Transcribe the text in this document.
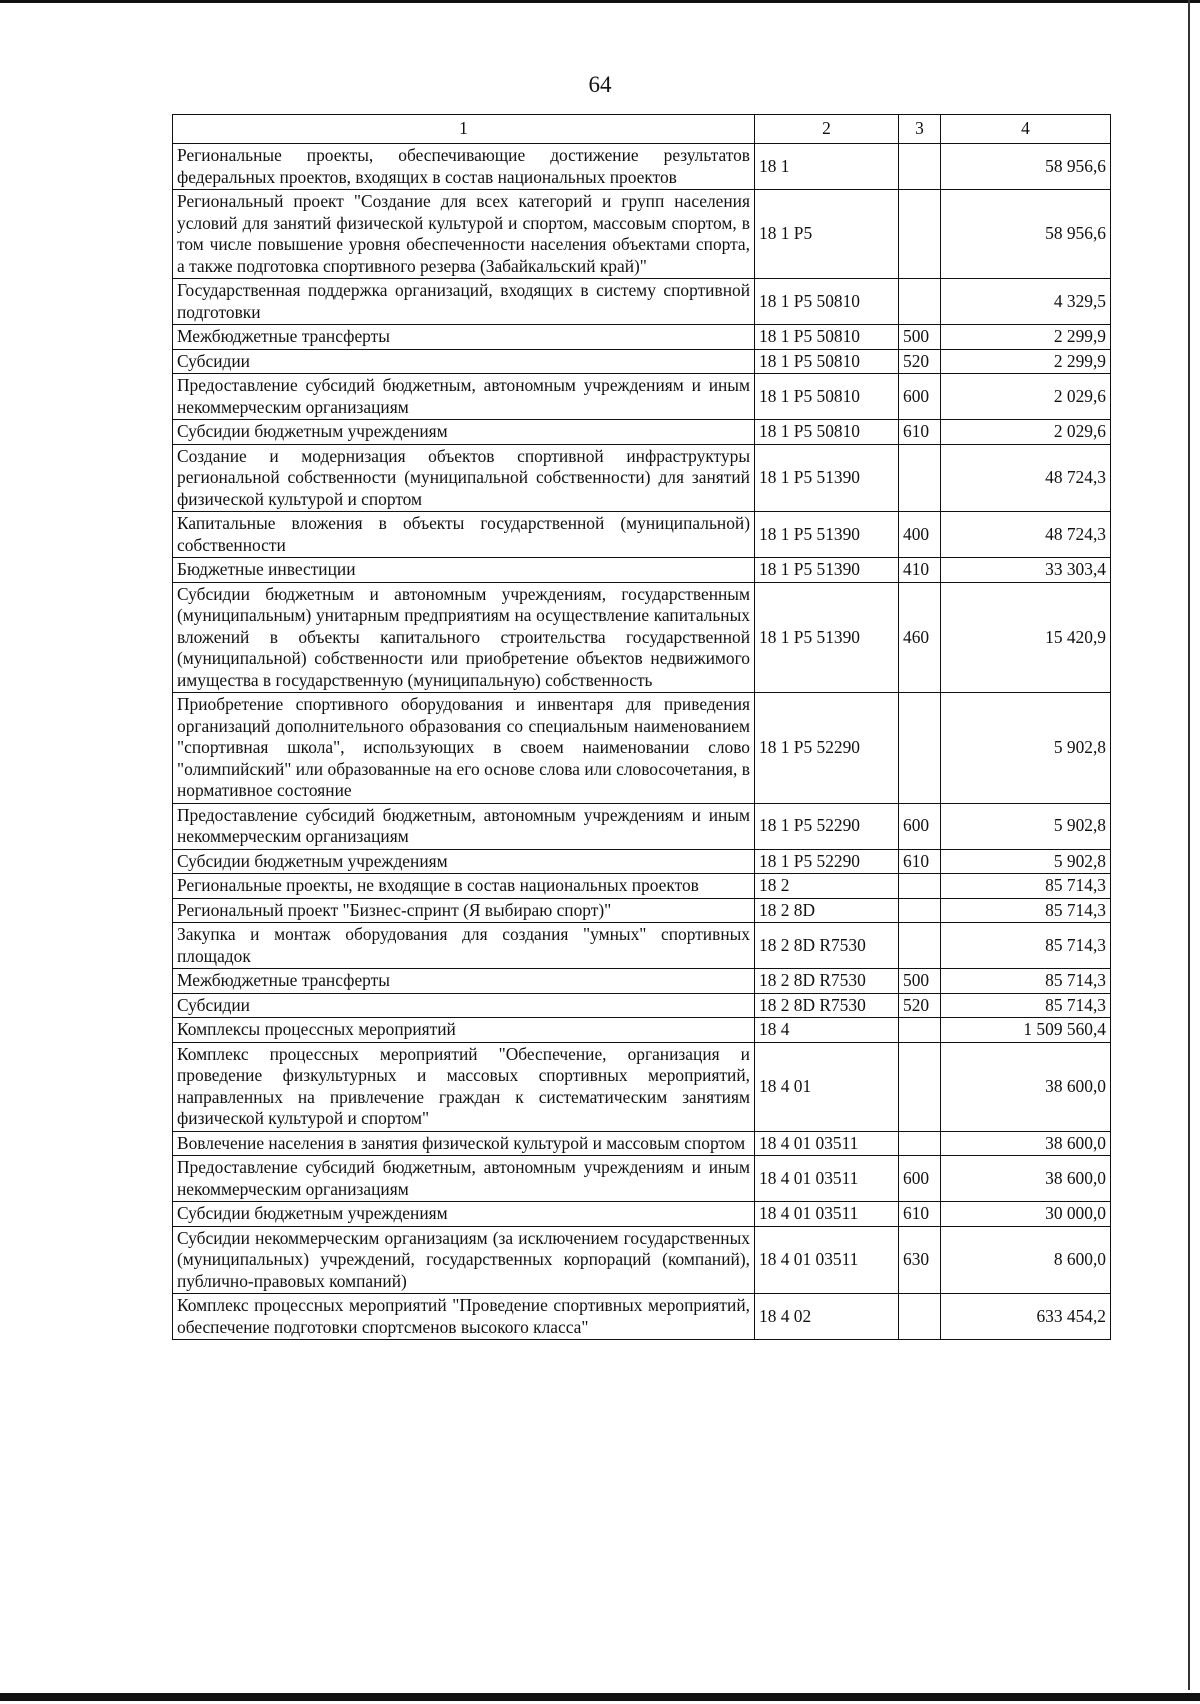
64
1	2	3	4
Региональные проекты, обеспечивающие достижение результатов федеральных проектов, входящих в состав национальных проектов	18 1		58 956,6
Региональный проект "Создание для всех категорий и групп населения условий для занятий физической культурой и спортом, массовым спортом, в том числе повышение уровня обеспеченности населения объектами спорта, а также подготовка спортивного резерва (Забайкальский край)"	18 1 P5		58 956,6
Государственная поддержка организаций, входящих в систему спортивной подготовки	18 1 P5 50810		4 329,5
Межбюджетные трансферты	18 1 P5 50810	500	2 299,9
Субсидии	18 1 P5 50810	520	2 299,9
Предоставление субсидий бюджетным, автономным учреждениям и иным некоммерческим организациям	18 1 P5 50810	600	2 029,6
Субсидии бюджетным учреждениям	18 1 P5 50810	610	2 029,6
Создание и модернизация объектов спортивной инфраструктуры региональной собственности (муниципальной собственности) для занятий физической культурой и спортом	18 1 P5 51390		48 724,3
Капитальные вложения в объекты государственной (муниципальной) собственности	18 1 P5 51390	400	48 724,3
Бюджетные инвестиции	18 1 P5 51390	410	33 303,4
Субсидии бюджетным и автономным учреждениям, государственным (муниципальным) унитарным предприятиям на осуществление капитальных вложений в объекты капитального строительства государственной (муниципальной) собственности или приобретение объектов недвижимого имущества в государственную (муниципальную) собственность	18 1 P5 51390	460	15 420,9
Приобретение спортивного оборудования и инвентаря для приведения организаций дополнительного образования со специальным наименованием "спортивная школа", использующих в своем наименовании слово "олимпийский" или образованные на его основе слова или словосочетания, в нормативное состояние	18 1 P5 52290		5 902,8
Предоставление субсидий бюджетным, автономным учреждениям и иным некоммерческим организациям	18 1 P5 52290	600	5 902,8
Субсидии бюджетным учреждениям	18 1 P5 52290	610	5 902,8
Региональные проекты, не входящие в состав национальных проектов	18 2		85 714,3
Региональный проект "Бизнес-спринт (Я выбираю спорт)"	18 2 8D		85 714,3
Закупка и монтаж оборудования для создания "умных" спортивных площадок	18 2 8D R7530		85 714,3
Межбюджетные трансферты	18 2 8D R7530	500	85 714,3
Субсидии	18 2 8D R7530	520	85 714,3
Комплексы процессных мероприятий	18 4		1 509 560,4
Комплекс процессных мероприятий "Обеспечение, организация и проведение физкультурных и массовых спортивных мероприятий, направленных на привлечение граждан к систематическим занятиям физической культурой и спортом"	18 4 01		38 600,0
Вовлечение населения в занятия физической культурой и массовым спортом	18 4 01 03511		38 600,0
Предоставление субсидий бюджетным, автономным учреждениям и иным некоммерческим организациям	18 4 01 03511	600	38 600,0
Субсидии бюджетным учреждениям	18 4 01 03511	610	30 000,0
Субсидии некоммерческим организациям (за исключением государственных (муниципальных) учреждений, государственных корпораций (компаний), публично-правовых компаний)	18 4 01 03511	630	8 600,0
Комплекс процессных мероприятий "Проведение спортивных мероприятий, обеспечение подготовки спортсменов высокого класса"	18 4 02		633 454,2
